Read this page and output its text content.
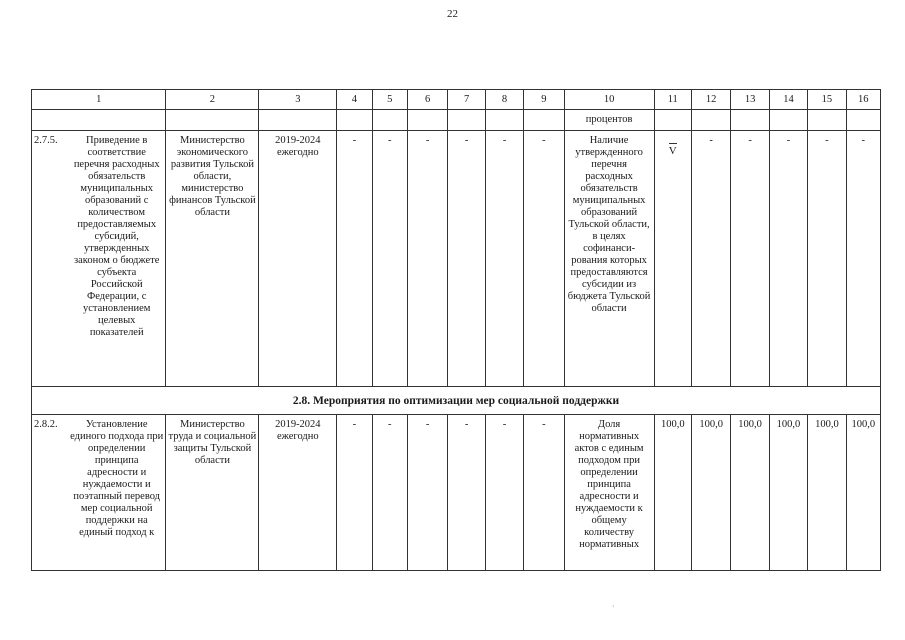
22
1	2	3	4	5	6	7	8	9	10	11	12	13	14	15	16
									процентов						

2.7.5. Приведение в соответствие перечня расходных обязательств муниципальных образований с количеством предоставляемых субсидий, утвержденных законом о бюджете субъекта Российской Федерации, с установлением целевых показателей	Министерство экономического развития Тульской области, министерство финансов Тульской области	2019-2024 ежегодно	-	-	-	-	-	-	Наличие утвержденного перечня расходных обязательств муниципальных образований Тульской области, в целях софинанси-рования которых предоставляются субсидии из бюджета Тульской области	V	-	-	-	-	-
2.8. Мероприятия по оптимизации мер социальной поддержки															

2.8.2. Установление единого подхода при определении принципа адресности и нуждаемости и поэтапный перевод мер социальной поддержки на единый подход к	Министерство труда и социальной защиты Тульской области	2019-2024 ежегодно	-	-	-	-	-	-	Доля нормативных актов с единым подходом при определении принципа адресности и нуждаемости к общему количеству нормативных	100,0	100,0	100,0	100,0	100,0	100,0
·
